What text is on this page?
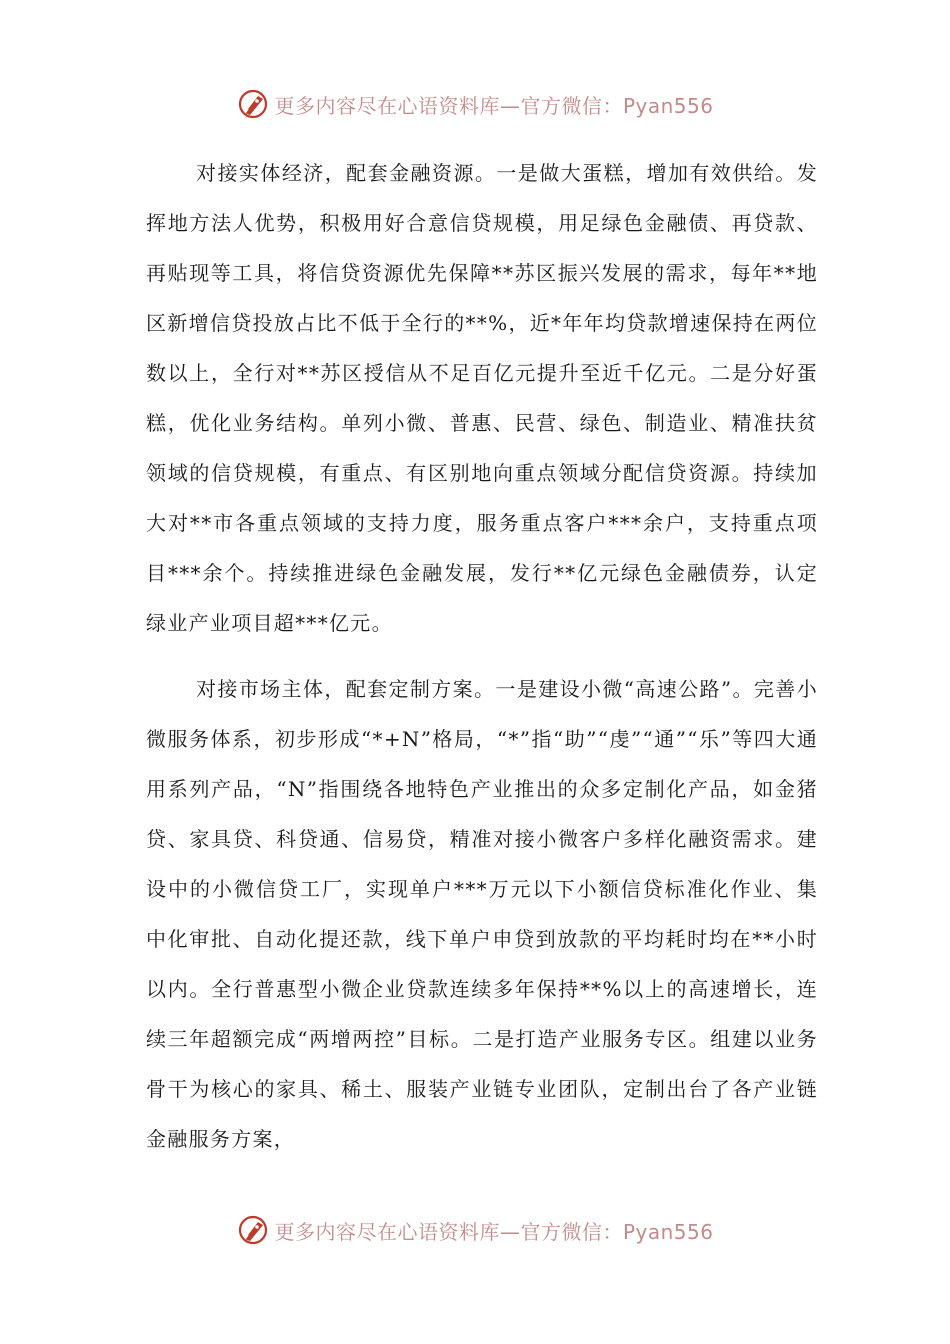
更多内容尽在心语资料库—官方微信：Pyan556

对接实体经济，配套金融资源。一是做大蛋糕，增加有效供给。发挥地方法人优势，积极用好合意信贷规模，用足绿色金融债、再贷款、再贴现等工具，将信贷资源优先保障**苏区振兴发展的需求，每年**地区新增信贷投放占比不低于全行的**%，近*年年均贷款增速保持在两位数以上，全行对**苏区授信从不足百亿元提升至近千亿元。二是分好蛋糕，优化业务结构。单列小微、普惠、民营、绿色、制造业、精准扶贫领域的信贷规模，有重点、有区别地向重点领域分配信贷资源。持续加大对**市各重点领域的支持力度，服务重点客户***余户，支持重点项目***余个。持续推进绿色金融发展，发行**亿元绿色金融债券，认定绿业产业项目超***亿元。

对接市场主体，配套定制方案。一是建设小微“高速公路”。完善小微服务体系，初步形成“*+N”格局，“*”指“助”“虔”“通”“乐”等四大通用系列产品，“N”指围绕各地特色产业推出的众多定制化产品，如金猪贷、家具贷、科贷通、信易贷，精准对接小微客户多样化融资需求。建设中的小微信贷工厂，实现单户***万元以下小额信贷标准化作业、集中化审批、自动化提还款，线下单户申贷到放款的平均耗时均在**小时以内。全行普惠型小微企业贷款连续多年保持**%以上的高速增长，连续三年超额完成“两增两控”目标。二是打造产业服务专区。组建以业务骨干为核心的家具、稀土、服装产业链专业团队，定制出台了各产业链金融服务方案，

更多内容尽在心语资料库—官方微信：Pyan556
